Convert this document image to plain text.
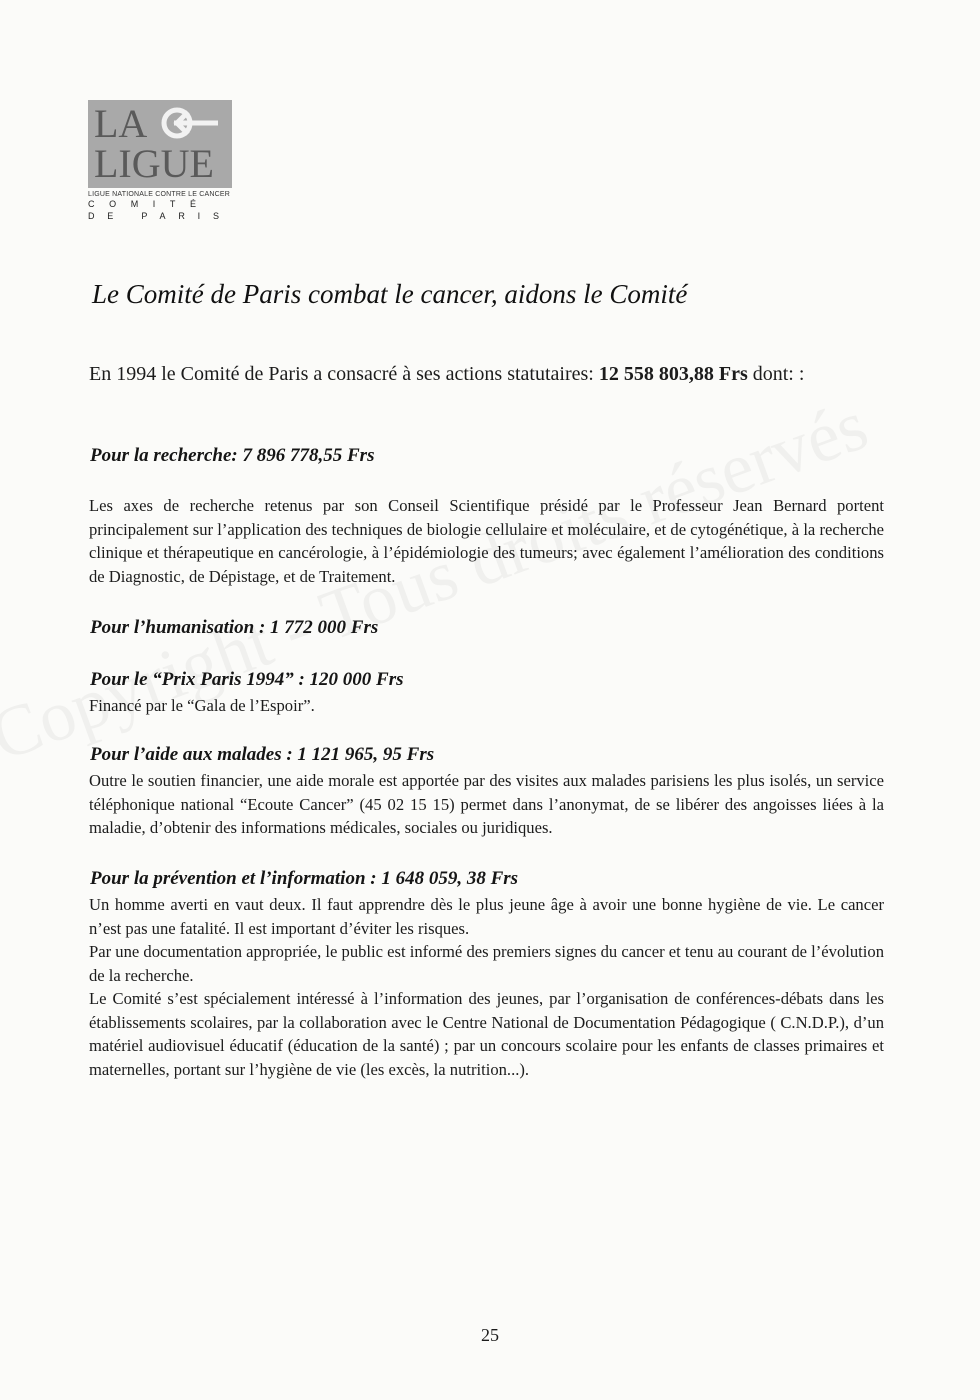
LA
LIGUE
LIGUE NATIONALE CONTRE LE CANCER
COMITÉ
DE PARIS
Le Comité de Paris combat le cancer, aidons le Comité
En 1994 le Comité de Paris a consacré à ses actions statutaires: 12 558 803,88 Frs dont: :
Pour la recherche: 7 896 778,55 Frs

Les axes de recherche retenus par son Conseil Scientifique présidé par le Professeur Jean Bernard portent principalement sur l’application des techniques de biologie cellulaire et moléculaire, et de cytogénétique, à la recherche clinique et thérapeutique en cancérologie, à l’épidémiologie des tumeurs; avec également l’amélioration des conditions de Diagnostic, de Dépistage, et de Traitement.

Pour l’humanisation : 1 772 000 Frs
Pour le “Prix Paris 1994” : 120 000 Frs

Financé par le “Gala de l’Espoir”.

Pour l’aide aux malades : 1 121 965, 95 Frs

Outre le soutien financier, une aide morale est apportée par des visites aux malades parisiens les plus isolés, un service téléphonique national “Ecoute Cancer” (45 02 15 15) permet dans l’anonymat, de se libérer des angoisses liées à la maladie, d’obtenir des informations médicales, sociales ou juridiques.

Pour la prévention et l’information : 1 648 059, 38 Frs

Un homme averti en vaut deux. Il faut apprendre dès le plus jeune âge à avoir une bonne hygiène de vie. Le cancer n’est pas une fatalité. Il est important d’éviter les risques.

Par une documentation appropriée, le public est informé des premiers signes du cancer et tenu au courant de l’évolution de la recherche.

Le Comité s’est spécialement intéressé à l’information des jeunes, par l’organisation de conférences-débats dans les établissements scolaires, par la collaboration avec le Centre National de Documentation Pédagogique ( C.N.D.P.), d’un matériel audiovisuel éducatif (éducation de la santé) ; par un concours scolaire pour les enfants de classes primaires et maternelles, portant sur l’hygiène de vie (les excès, la nutrition...).

25
